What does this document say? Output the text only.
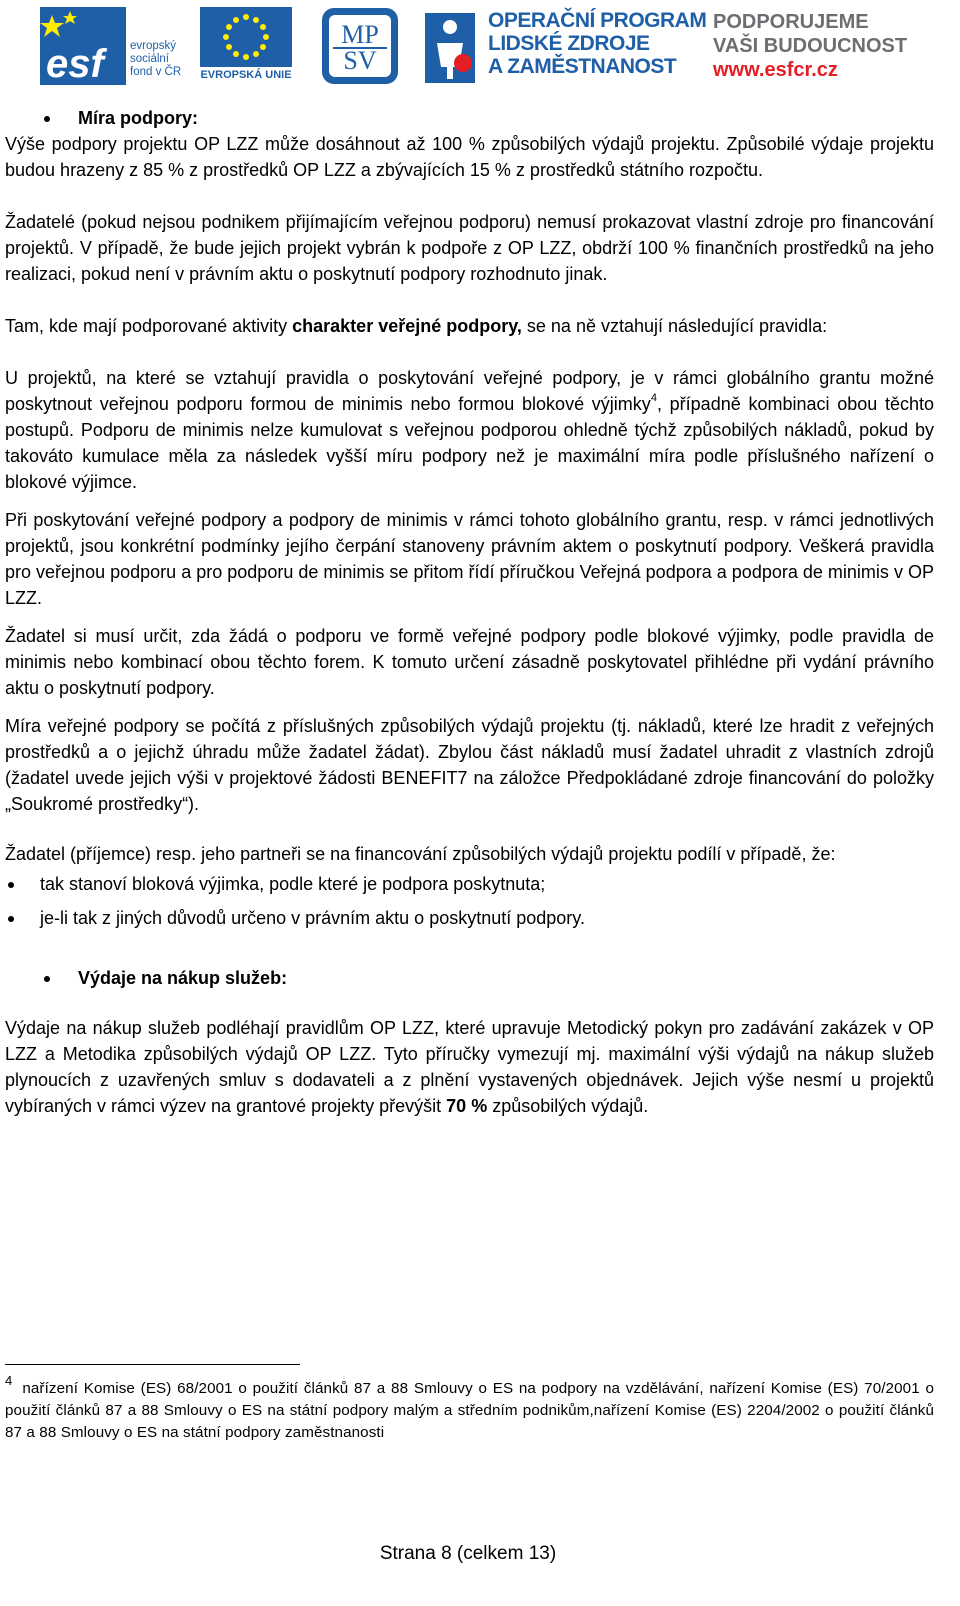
esf	evropský
sociální
fond v ČR EVROPSKÁ UNIE
MP
SV
OPERAČNÍ PROGRAM
LIDSKÉ ZDROJE
A ZAMĚSTNANOST
PODPORUJEME
VAŠI BUDOUCNOST
www.esfcr.cz
Míra podpory:

Výše podpory projektu OP LZZ může dosáhnout až 100 % způsobilých výdajů projektu. Způsobilé výdaje projektu budou hrazeny z 85 % z prostředků OP LZZ a zbývajících 15 % z prostředků státního rozpočtu.

Žadatelé (pokud nejsou podnikem přijímajícím veřejnou podporu) nemusí prokazovat vlastní zdroje pro financování projektů. V případě, že bude jejich projekt vybrán k podpoře z OP LZZ, obdrží 100 % finančních prostředků na jeho realizaci, pokud není v právním aktu o poskytnutí podpory rozhodnuto jinak.

Tam, kde mají podporované aktivity charakter veřejné podpory, se na ně vztahují následující pravidla:

U projektů, na které se vztahují pravidla o poskytování veřejné podpory, je v rámci globálního grantu možné poskytnout veřejnou podporu formou de minimis nebo formou blokové výjimky$^4$, případně kombinaci obou těchto postupů. Podporu de minimis nelze kumulovat s veřejnou podporou ohledně týchž způsobilých nákladů, pokud by takováto kumulace měla za následek vyšší míru podpory než je maximální míra podle příslušného nařízení o blokové výjimce.

Při poskytování veřejné podpory a podpory de minimis v rámci tohoto globálního grantu, resp. v rámci jednotlivých projektů, jsou konkrétní podmínky jejího čerpání stanoveny právním aktem o poskytnutí podpory. Veškerá pravidla pro veřejnou podporu a pro podporu de minimis se přitom řídí příručkou Veřejná podpora a podpora de minimis v OP LZZ.

Žadatel si musí určit, zda žádá o podporu ve formě veřejné podpory podle blokové výjimky, podle pravidla de minimis nebo kombinací obou těchto forem. K tomuto určení zásadně poskytovatel přihlédne při vydání právního aktu o poskytnutí podpory.

Míra veřejné podpory se počítá z příslušných způsobilých výdajů projektu (tj. nákladů, které lze hradit z veřejných prostředků a o jejichž úhradu může žadatel žádat). Zbylou část nákladů musí žadatel uhradit z vlastních zdrojů (žadatel uvede jejich výši v projektové žádosti BENEFIT7 na záložce Předpokládané zdroje financování do položky „Soukromé prostředky“).

Žadatel (příjemce) resp. jeho partneři se na financování způsobilých výdajů projektu podílí v případě, že:

tak stanoví bloková výjimka, podle které je podpora poskytnuta;
je-li tak z jiných důvodů určeno v právním aktu o poskytnutí podpory.
Výdaje na nákup služeb:

Výdaje na nákup služeb podléhají pravidlům OP LZZ, které upravuje Metodický pokyn pro zadávání zakázek v OP LZZ a Metodika způsobilých výdajů OP LZZ. Tyto příručky vymezují mj. maximální výši výdajů na nákup služeb plynoucích z uzavřených smluv s dodavateli a z plnění vystavených objednávek. Jejich výše nesmí u projektů vybíraných v rámci výzev na grantové projekty převýšit 70 % způsobilých výdajů.

4 nařízení Komise (ES) 68/2001 o použití článků 87 a 88 Smlouvy o ES na podpory na vzdělávání, nařízení Komise (ES) 70/2001 o použití článků 87 a 88 Smlouvy o ES na státní podpory malým a středním podnikům,nařízení Komise (ES) 2204/2002 o použití článků 87 a 88 Smlouvy o ES na státní podpory zaměstnanosti
Strana 8 (celkem 13)
